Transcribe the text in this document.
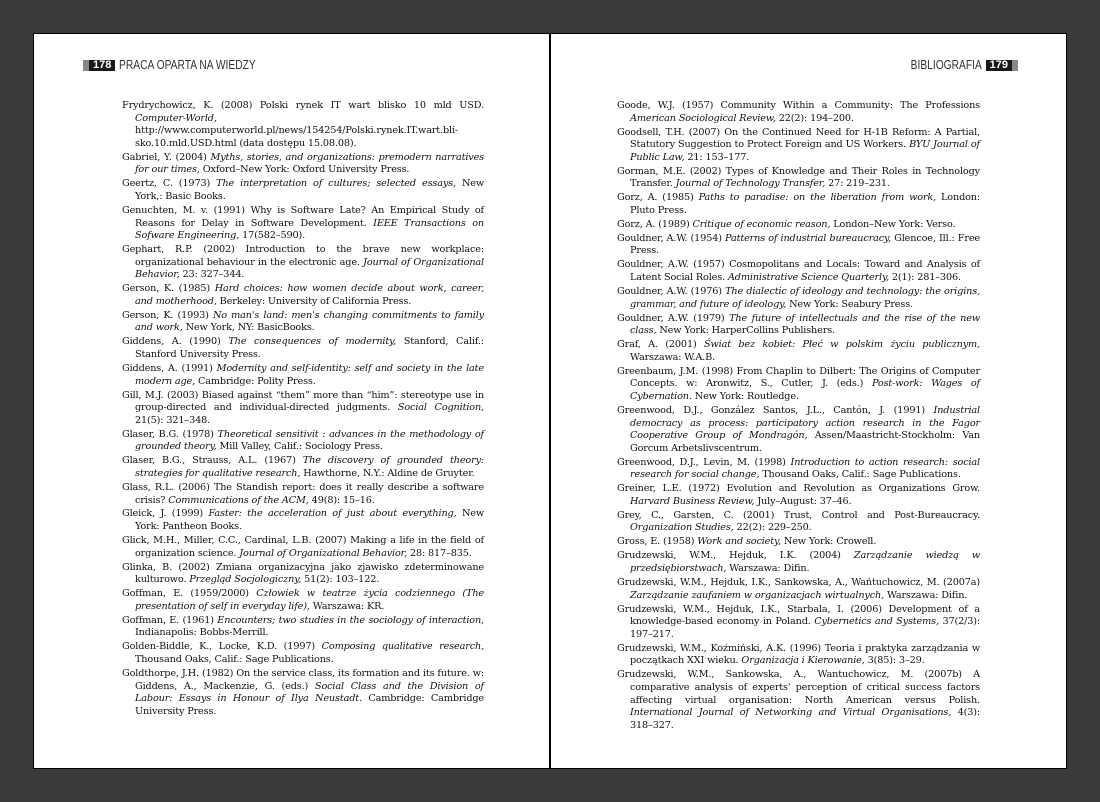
178 PRACA OPARTA NA WIEDZY
Frydrychowicz, K. (2008) Polski rynek IT wart blisko 10 mld USD. Computer-World, http://www.computerworld.pl/news/154254/Polski.rynek.IT.wart.bli-sko.10.mld.USD.html (data dostępu 15.08.08).
Gabriel, Y. (2004) Myths, stories, and organizations: premodern narratives for our times, Oxford–New York: Oxford University Press.
Geertz, C. (1973) The interpretation of cultures; selected essays, New York,: Basic Books.
Genuchten, M. v. (1991) Why is Software Late? An Empirical Study of Reasons for Delay in Software Development. IEEE Transactions on Sofware Engineering, 17(582–590).
Gephart, R.P. (2002) Introduction to the brave new workplace: organizational behaviour in the electronic age. Journal of Organizational Behavior, 23: 327–344.
Gerson, K. (1985) Hard choices: how women decide about work, career, and motherhood, Berkeley: University of California Press.
Gerson, K. (1993) No man's land: men's changing commitments to family and work, New York, NY: BasicBooks.
Giddens, A. (1990) The consequences of modernity, Stanford, Calif.: Stanford University Press.
Giddens, A. (1991) Modernity and self-identity: self and society in the late modern age, Cambridge: Polity Press.
Gill, M.J. (2003) Biased against “them” more than “him”: stereotype use in group-directed and individual-directed judgments. Social Cognition, 21(5): 321–348.
Glaser, B.G. (1978) Theoretical sensitivit : advances in the methodology of grounded theory, Mill Valley, Calif.: Sociology Press.
Glaser, B.G., Strauss, A.L. (1967) The discovery of grounded theory: strategies for qualitative research, Hawthorne, N.Y.: Aldine de Gruyter.
Glass, R.L. (2006) The Standish report: does it really describe a software crisis? Communications of the ACM, 49(8): 15–16.
Gleick, J. (1999) Faster: the acceleration of just about everything, New York: Pantheon Books.
Glick, M.H., Miller, C.C., Cardinal, L.B. (2007) Making a life in the field of organization science. Journal of Organizational Behavior, 28: 817–835.
Glinka, B. (2002) Zmiana organizacyjna jako zjawisko zdeterminowane kulturowo. Przegląd Socjologiczny, 51(2): 103–122.
Goffman, E. (1959/2000) Człowiek w teatrze życia codziennego (The presentation of self in everyday life), Warszawa: KR.
Goffman, E. (1961) Encounters; two studies in the sociology of interaction, Indianapolis: Bobbs-Merrill.
Golden-Biddle, K., Locke, K.D. (1997) Composing qualitative research, Thousand Oaks, Calif.: Sage Publications.
Goldthorpe, J.H. (1982) On the service class, its formation and its future. w: Giddens, A., Mackenzie, G. (eds.) Social Class and the Division of Labour: Essays in Honour of Ilya Neustadt. Cambridge: Cambridge University Press.
BIBLIOGRAFIA 179
Goode, W.J. (1957) Community Within a Community: The Professions American Sociological Review, 22(2): 194–200.
Goodsell, T.H. (2007) On the Continued Need for H-1B Reform: A Partial, Statutory Suggestion to Protect Foreign and US Workers. BYU Journal of Public Law, 21: 153–177.
Gorman, M.E. (2002) Types of Knowledge and Their Roles in Technology Transfer. Journal of Technology Transfer, 27: 219–231.
Gorz, A. (1985) Paths to paradise: on the liberation from work, London: Pluto Press.
Gorz, A. (1989) Critique of economic reason, London–New York: Verso.
Gouldner, A.W. (1954) Patterns of industrial bureaucracy, Glencoe, Ill.: Free Press.
Gouldner, A.W. (1957) Cosmopolitans and Locals: Toward and Analysis of Latent Social Roles. Administrative Science Quarterly, 2(1): 281–306.
Gouldner, A.W. (1976) The dialectic of ideology and technology: the origins, grammar, and future of ideology, New York: Seabury Press.
Gouldner, A.W. (1979) The future of intellectuals and the rise of the new class, New York: HarperCollins Publishers.
Graf, A. (2001) Świat bez kobiet: Płeć w polskim życiu publicznym, Warszawa: W.A.B.
Greenbaum, J.M. (1998) From Chaplin to Dilbert: The Origins of Computer Concepts. w: Aronwitz, S., Cutler, J. (eds.) Post-work: Wages of Cybernation. New York: Routledge.
Greenwood, D.J., González Santos, J.L., Cantón, J. (1991) Industrial democracy as process: participatory action research in the Fagor Cooperative Group of Mondragón, Assen/Maastricht-Stockholm: Van Gorcum Arbetslivscentrum.
Greenwood, D.J., Levin, M. (1998) Introduction to action research: social research for social change, Thousand Oaks, Calif.: Sage Publications.
Greiner, L.E. (1972) Evolution and Revolution as Organizations Grow. Harvard Business Review, July–August: 37–46.
Grey, C., Garsten, C. (2001) Trust, Control and Post-Bureaucracy. Organization Studies, 22(2): 229–250.
Gross, E. (1958) Work and society, New York: Crowell.
Grudzewski, W.M., Hejduk, I.K. (2004) Zarządzanie wiedzą w przedsiębiorstwach, Warszawa: Difin.
Grudzewski, W.M., Hejduk, I.K., Sankowska, A., Wańtuchowicz, M. (2007a) Zarządzanie zaufaniem w organizacjach wirtualnych, Warszawa: Difin.
Grudzewski, W.M., Hejduk, I.K., Starbala, I. (2006) Development of a knowledge-based economy in Poland. Cybernetics and Systems, 37(2/3): 197–217.
Grudzewski, W.M., Koźmiński, A.K. (1996) Teoria i praktyka zarządzania w początkach XXI wieku. Organizacja i Kierowanie, 3(85): 3–29.
Grudzewski, W.M., Sankowska, A., Wantuchowicz, M. (2007b) A comparative analysis of experts' perception of critical success factors affecting virtual organisation: North American versus Polish. International Journal of Networking and Virtual Organisations, 4(3): 318–327.
